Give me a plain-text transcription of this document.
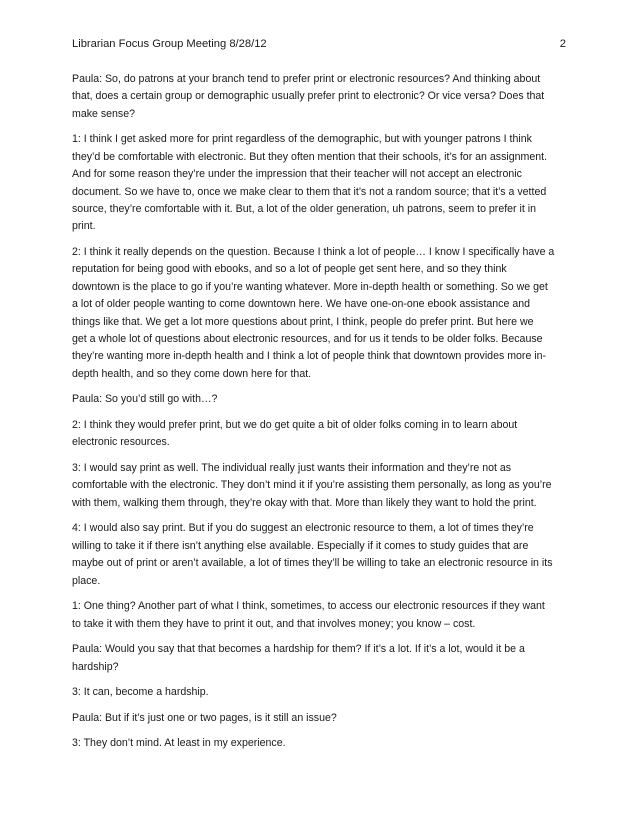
Librarian Focus Group Meeting 8/28/12	2

Paula: So, do patrons at your branch tend to prefer print or electronic resources? And thinking about
that, does a certain group or demographic usually prefer print to electronic? Or vice versa? Does that
make sense?

1: I think I get asked more for print regardless of the demographic, but with younger patrons I think
they’d be comfortable with electronic. But they often mention that their schools, it’s for an assignment.
And for some reason they’re under the impression that their teacher will not accept an electronic
document. So we have to, once we make clear to them that it’s not a random source; that it’s a vetted
source, they’re comfortable with it. But, a lot of the older generation, uh patrons, seem to prefer it in
print.

2: I think it really depends on the question. Because I think a lot of people… I know I specifically have a
reputation for being good with ebooks, and so a lot of people get sent here, and so they think
downtown is the place to go if you’re wanting whatever. More in-depth health or something. So we get
a lot of older people wanting to come downtown here. We have one-on-one ebook assistance and
things like that. We get a lot more questions about print, I think, people do prefer print. But here we
get a whole lot of questions about electronic resources, and for us it tends to be older folks. Because
they’re wanting more in-depth health and I think a lot of people think that downtown provides more in-
depth health, and so they come down here for that.

Paula: So you’d still go with…?

2: I think they would prefer print, but we do get quite a bit of older folks coming in to learn about
electronic resources.

3: I would say print as well. The individual really just wants their information and they’re not as
comfortable with the electronic. They don’t mind it if you’re assisting them personally, as long as you’re
with them, walking them through, they’re okay with that. More than likely they want to hold the print.

4: I would also say print. But if you do suggest an electronic resource to them, a lot of times they’re
willing to take it if there isn’t anything else available. Especially if it comes to study guides that are
maybe out of print or aren’t available, a lot of times they’ll be willing to take an electronic resource in its
place.

1: One thing? Another part of what I think, sometimes, to access our electronic resources if they want
to take it with them they have to print it out, and that involves money; you know – cost.

Paula: Would you say that that becomes a hardship for them? If it’s a lot. If it’s a lot, would it be a
hardship?

3: It can, become a hardship.

Paula: But if it’s just one or two pages, is it still an issue?

3: They don’t mind. At least in my experience.
